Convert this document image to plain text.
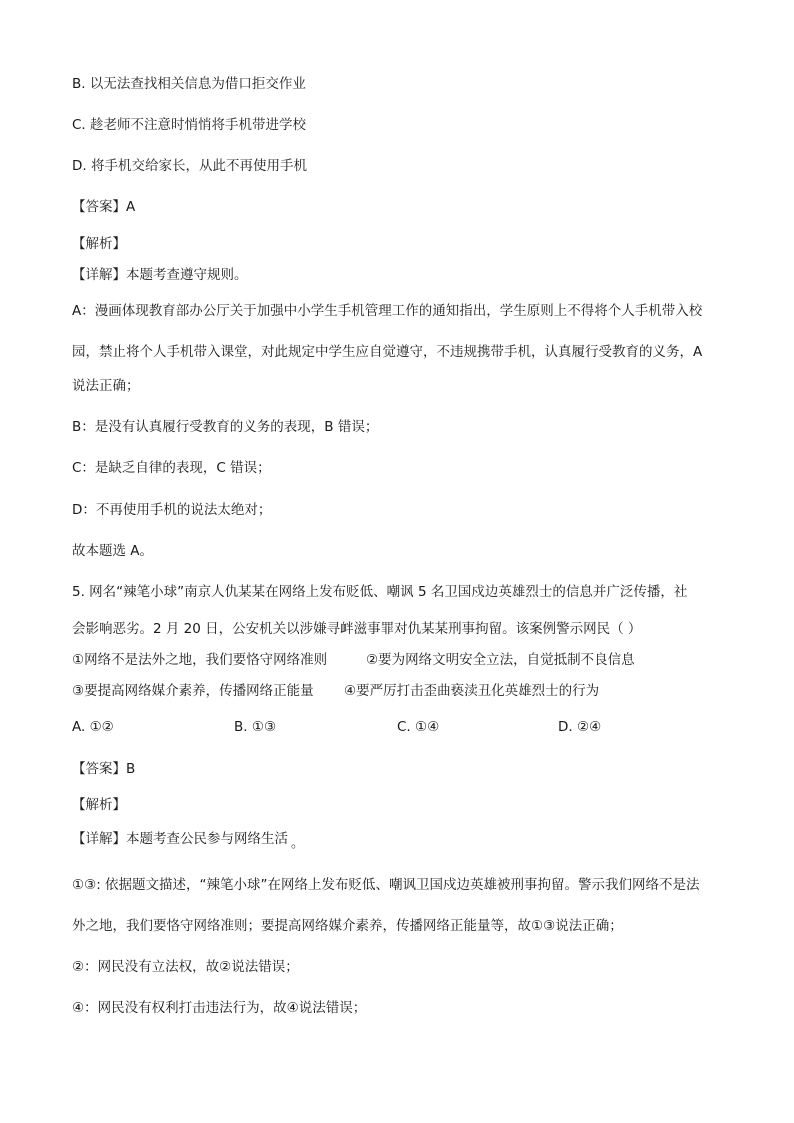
B. 以无法查找相关信息为借口拒交作业
C. 趁老师不注意时悄悄将手机带进学校
D. 将手机交给家长，从此不再使用手机
【答案】A
【解析】
【详解】本题考查遵守规则。
A：漫画体现教育部办公厅关于加强中小学生手机管理工作的通知指出，学生原则上不得将个人手机带入校
园，禁止将个人手机带入课堂，对此规定中学生应自觉遵守，不违规携带手机，认真履行受教育的义务，A
说法正确；
B：是没有认真履行受教育的义务的表现，B 错误；
C：是缺乏自律的表现，C 错误；
D：不再使用手机的说法太绝对；
故本题选 A。
5. 网名“辣笔小球”南京人仇某某在网络上发布贬低、嘲讽 5 名卫国戍边英雄烈士的信息并广泛传播，社
会影响恶劣。2 月 20 日，公安机关以涉嫌寻衅滋事罪对仇某某刑事拘留。该案例警示网民（ ）
①网络不是法外之地，我们要恪守网络准则	②要为网络文明安全立法，自觉抵制不良信息
③要提高网络媒介素养，传播网络正能量 ④要严厉打击歪曲亵渎丑化英雄烈士的行为
A. ①②	B. ①③	C. ①④	D. ②④
【答案】B
【解析】
【详解】本题考查公民参与网络生活 。
①③: 依据题文描述，“辣笔小球”在网络上发布贬低、嘲讽卫国戍边英雄被刑事拘留。警示我们网络不是法
外之地，我们要恪守网络准则；要提高网络媒介素养，传播网络正能量等，故①③说法正确；
②：网民没有立法权，故②说法错误；
④：网民没有权利打击违法行为，故④说法错误；
